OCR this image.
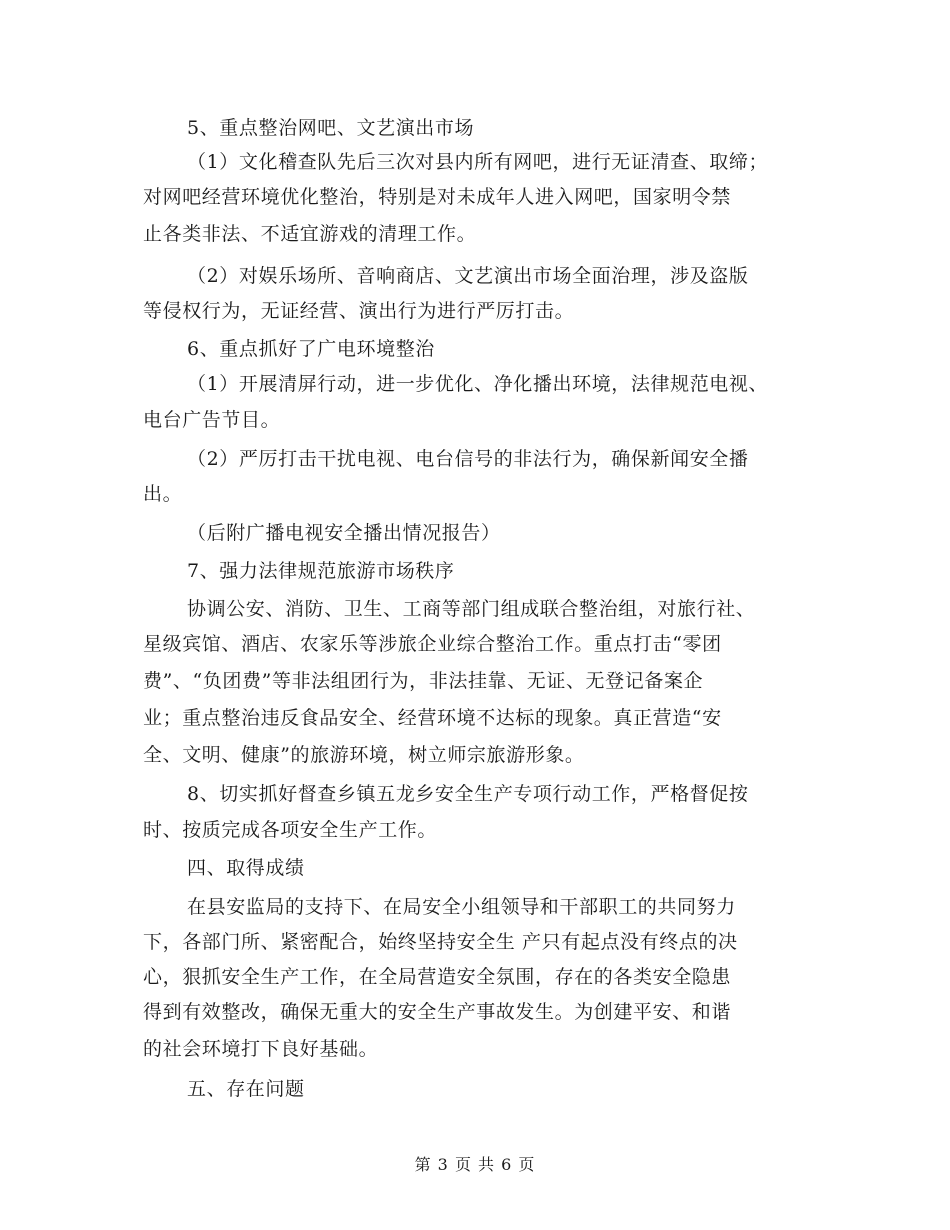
5、重点整治网吧、文艺演出市场
（1）文化稽查队先后三次对县内所有网吧，进行无证清查、取缔；
对网吧经营环境优化整治，特别是对未成年人进入网吧，国家明令禁
止各类非法、不适宜游戏的清理工作。
（2）对娱乐场所、音响商店、文艺演出市场全面治理，涉及盗版
等侵权行为，无证经营、演出行为进行严厉打击。
6、重点抓好了广电环境整治
（1）开展清屏行动，进一步优化、净化播出环境，法律规范电视、
电台广告节目。
（2）严厉打击干扰电视、电台信号的非法行为，确保新闻安全播
出。
（后附广播电视安全播出情况报告）
7、强力法律规范旅游市场秩序
协调公安、消防、卫生、工商等部门组成联合整治组，对旅行社、
星级宾馆、酒店、农家乐等涉旅企业综合整治工作。重点打击“零团
费”、“负团费”等非法组团行为，非法挂靠、无证、无登记备案企
业；重点整治违反食品安全、经营环境不达标的现象。真正营造“安
全、文明、健康”的旅游环境，树立师宗旅游形象。
8、切实抓好督查乡镇五龙乡安全生产专项行动工作，严格督促按
时、按质完成各项安全生产工作。
四、取得成绩
在县安监局的支持下、在局安全小组领导和干部职工的共同努力
下，各部门所、紧密配合，始终坚持安全生 产只有起点没有终点的决
心，狠抓安全生产工作，在全局营造安全氛围，存在的各类安全隐患
得到有效整改，确保无重大的安全生产事故发生。为创建平安、和谐
的社会环境打下良好基础。
五、存在问题
第 3 页 共 6 页
